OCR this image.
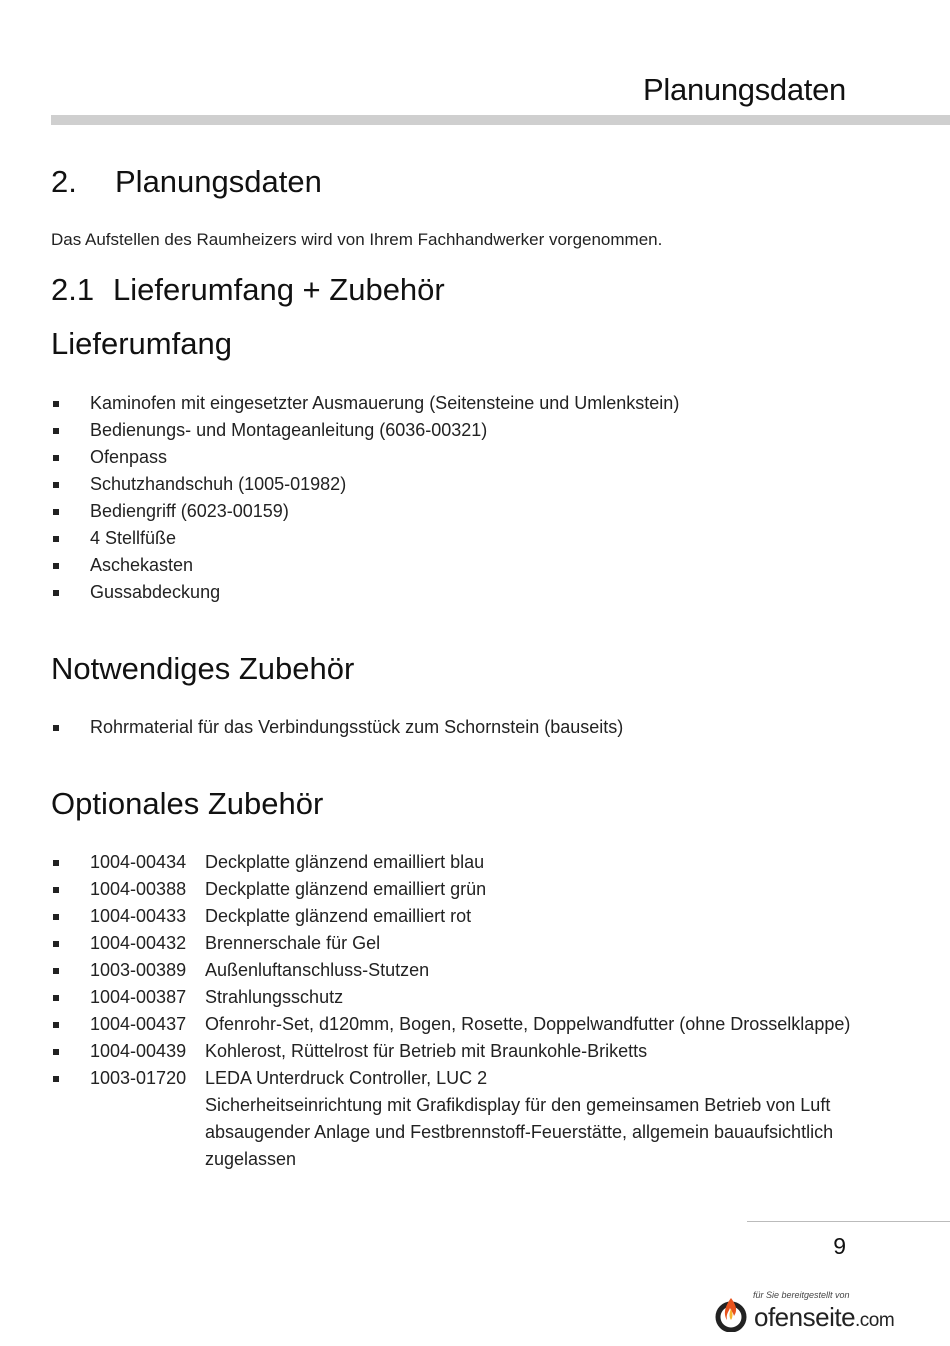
Planungsdaten
2. Planungsdaten
Das Aufstellen des Raumheizers wird von Ihrem Fachhandwerker vorgenommen.
2.1 Lieferumfang + Zubehör
Lieferumfang
Kaminofen mit eingesetzter Ausmauerung (Seitensteine und Umlenkstein)
Bedienungs- und Montageanleitung (6036-00321)
Ofenpass
Schutzhandschuh (1005-01982)
Bediengriff (6023-00159)
4 Stellfüße
Aschekasten
Gussabdeckung
Notwendiges Zubehör
Rohrmaterial für das Verbindungsstück zum Schornstein (bauseits)
Optionales Zubehör
1004-00434 Deckplatte glänzend emailliert blau
1004-00388 Deckplatte glänzend emailliert grün
1004-00433 Deckplatte glänzend emailliert rot
1004-00432 Brennerschale für Gel
1003-00389 Außenluftanschluss-Stutzen
1004-00387 Strahlungsschutz
1004-00437 Ofenrohr-Set, d120mm, Bogen, Rosette, Doppelwandfutter (ohne Drosselklappe)
1004-00439 Kohlerost, Rüttelrost für Betrieb mit Braunkohle-Briketts
1003-01720 LEDA Unterdruck Controller, LUC 2
Sicherheitseinrichtung mit Grafikdisplay für den gemeinsamen Betrieb von Luft
absaugender Anlage und Festbrennstoff-Feuerstätte, allgemein bauaufsichtlich
zugelassen
9
für Sie bereitgestellt von
ofenseite.com
